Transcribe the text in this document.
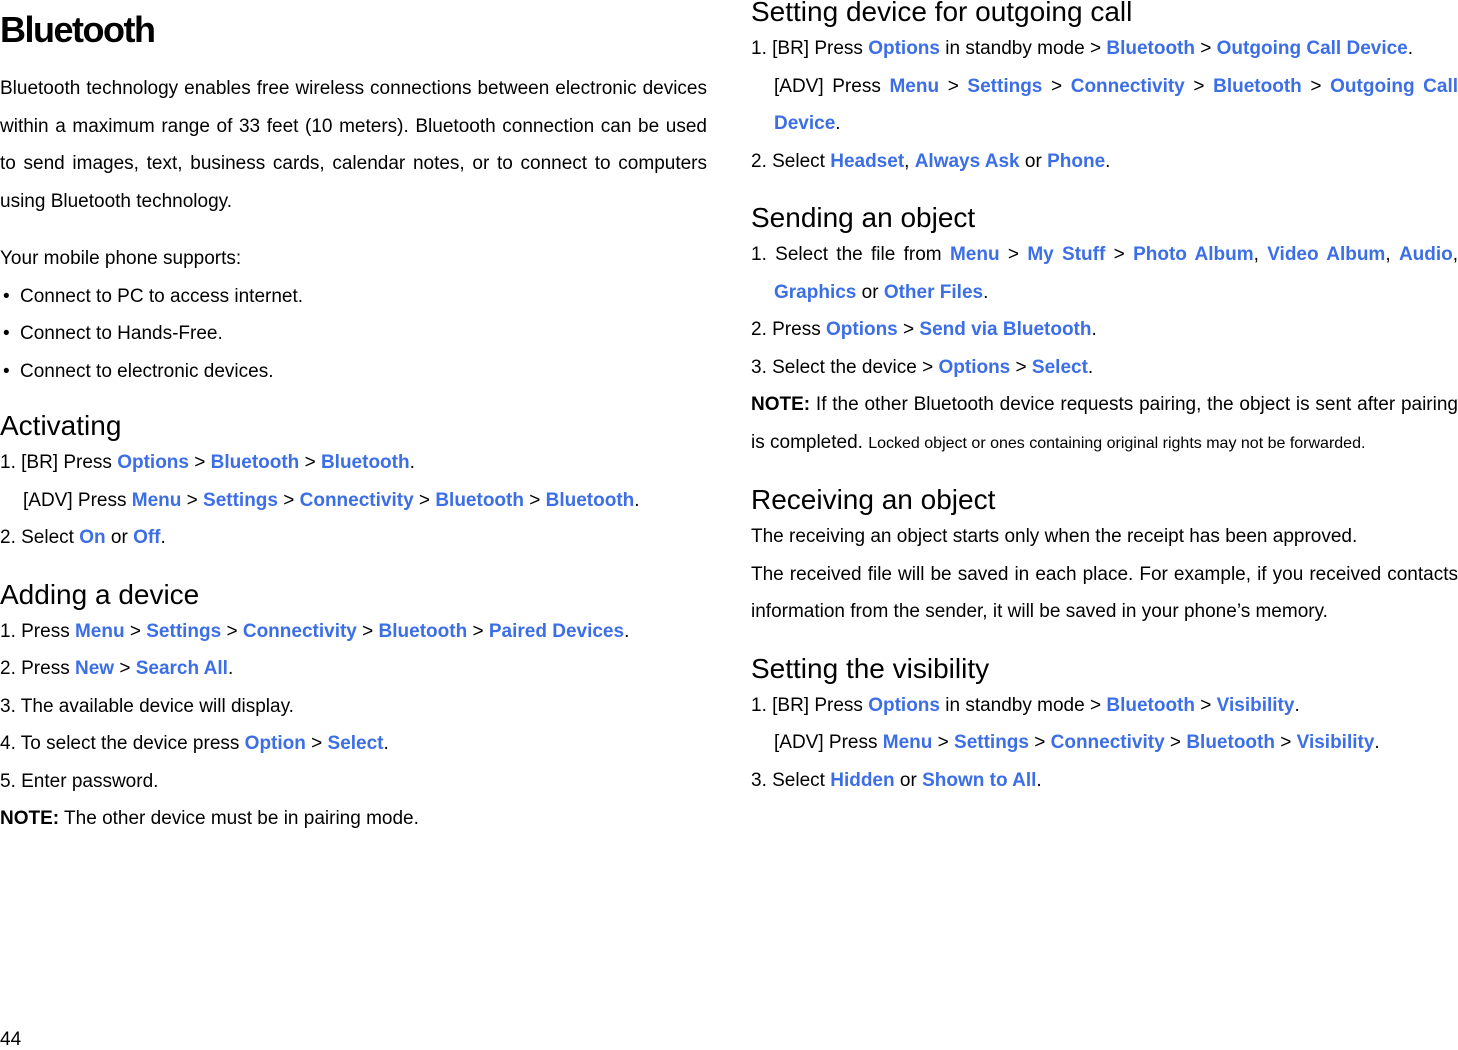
Bluetooth

Bluetooth technology enables free wireless connections between electronic devices within a maximum range of 33 feet (10 meters). Bluetooth connection can be used to send images, text, business cards, calendar notes, or to connect to computers using Bluetooth technology.

Your mobile phone supports:

• Connect to PC to access internet.
• Connect to Hands-Free.
• Connect to electronic devices.
Activating

1. [BR] Press Options > Bluetooth > Bluetooth.

[ADV] Press Menu > Settings > Connectivity > Bluetooth > Bluetooth.

2. Select On or Off.

Adding a device

1. Press Menu > Settings > Connectivity > Bluetooth > Paired Devices.

2. Press New > Search All.

3. The available device will display.

4. To select the device press Option > Select.

5. Enter password.

NOTE: The other device must be in pairing mode.

Setting device for outgoing call

1. [BR] Press Options in standby mode > Bluetooth > Outgoing Call Device.

[ADV] Press Menu > Settings > Connectivity > Bluetooth > Outgoing Call Device.

2. Select Headset, Always Ask or Phone.

Sending an object

1. Select the file from Menu > My Stuff > Photo Album, Video Album, Audio, Graphics or Other Files.

2. Press Options > Send via Bluetooth.

3. Select the device > Options > Select.

NOTE: If the other Bluetooth device requests pairing, the object is sent after pairing is completed. Locked object or ones containing original rights may not be forwarded.

Receiving an object

The receiving an object starts only when the receipt has been approved.

The received file will be saved in each place. For example, if you received contacts information from the sender, it will be saved in your phone’s memory.

Setting the visibility

1. [BR] Press Options in standby mode > Bluetooth > Visibility.

[ADV] Press Menu > Settings > Connectivity > Bluetooth > Visibility.

3. Select Hidden or Shown to All.

44
